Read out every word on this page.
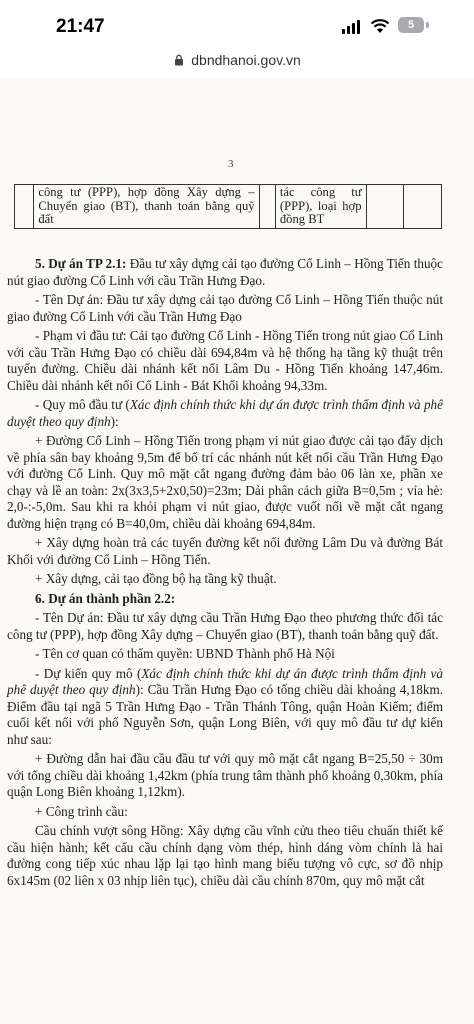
21:47	5
dbndhanoi.gov.vn
3
	công tư (PPP), hợp đồng Xây dựng – Chuyển giao (BT), thanh toán bằng quỹ đất		tác công tư (PPP), loại hợp đồng BT		

5. Dự án TP 2.1: Đầu tư xây dựng cải tạo đường Cổ Linh – Hồng Tiến thuộc nút giao đường Cổ Linh với cầu Trần Hưng Đạo.

- Tên Dự án: Đầu tư xây dựng cải tạo đường Cổ Linh – Hồng Tiến thuộc nút giao đường Cổ Linh với cầu Trần Hưng Đạo

- Phạm vi đầu tư: Cải tạo đường Cổ Linh - Hồng Tiến trong nút giao Cổ Linh với cầu Trần Hưng Đạo có chiều dài 694,84m và hệ thống hạ tầng kỹ thuật trên tuyến đường. Chiều dài nhánh kết nối Lâm Du - Hồng Tiến khoảng 147,46m. Chiều dài nhánh kết nối Cổ Linh - Bát Khối khoảng 94,33m.

- Quy mô đầu tư (Xác định chính thức khi dự án được trình thẩm định và phê duyệt theo quy định):

+ Đường Cổ Linh – Hồng Tiến trong phạm vi nút giao được cải tạo đẩy dịch về phía sân bay khoảng 9,5m để bố trí các nhánh nút kết nối cầu Trần Hưng Đạo với đường Cổ Linh. Quy mô mặt cắt ngang đường đảm bảo 06 làn xe, phần xe chạy và lề an toàn: 2x(3x3,5+2x0,50)=23m; Dải phân cách giữa B=0,5m ; vỉa hè: 2,0-:-5,0m. Sau khi ra khỏi phạm vi nút giao, được vuốt nối về mặt cắt ngang đường hiện trạng có B=40,0m, chiều dài khoảng 694,84m.

+ Xây dựng hoàn trả các tuyến đường kết nối đường Lâm Du và đường Bát Khối với đường Cổ Linh – Hồng Tiến.

+ Xây dựng, cải tạo đồng bộ hạ tầng kỹ thuật.

6. Dự án thành phần 2.2:

- Tên Dự án: Đầu tư xây dựng cầu Trần Hưng Đạo theo phương thức đối tác công tư (PPP), hợp đồng Xây dựng – Chuyển giao (BT), thanh toán bằng quỹ đất.

- Tên cơ quan có thẩm quyền: UBND Thành phố Hà Nội

- Dự kiến quy mô (Xác định chính thức khi dự án được trình thẩm định và phê duyệt theo quy định): Cầu Trần Hưng Đạo có tổng chiều dài khoảng 4,18km. Điểm đầu tại ngã 5 Trần Hưng Đạo - Trần Thánh Tông, quận Hoàn Kiếm; điểm cuối kết nối với phố Nguyễn Sơn, quận Long Biên, với quy mô đầu tư dự kiến như sau:

+ Đường dẫn hai đầu cầu đầu tư với quy mô mặt cắt ngang B=25,50 ÷ 30m với tổng chiều dài khoảng 1,42km (phía trung tâm thành phố khoảng 0,30km, phía quận Long Biên khoảng 1,12km).

+ Công trình cầu:

Cầu chính vượt sông Hồng: Xây dựng cầu vĩnh cửu theo tiêu chuẩn thiết kế cầu hiện hành; kết cấu cầu chính dạng vòm thép, hình dáng vòm chính là hai đường cong tiếp xúc nhau lặp lại tạo hình mang biểu tượng vô cực, sơ đồ nhịp 6x145m (02 liên x 03 nhịp liên tục), chiều dài cầu chính 870m, quy mô mặt cắt
